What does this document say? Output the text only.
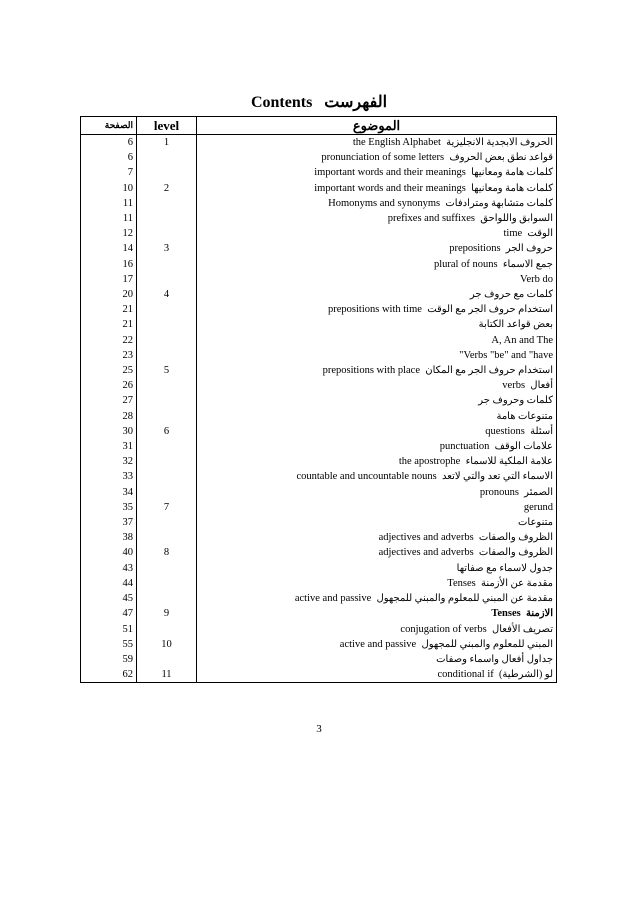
Contents الفهرست
الصفحة	level	الموضوع
6	1	الحروف الابجدية الانجليزية  the English Alphabet
6		قواعد نطق بعض الحروف  pronunciation of some letters
7		كلمات هامة ومعانيها  important words and their meanings
10	2	كلمات هامة ومعانيها  important words and their meanings
11		كلمات متشابهة ومترادفات  Homonyms and synonyms
11		السوابق واللواحق  prefixes and suffixes
12		الوقت  time
14	3	حروف الجر  prepositions
16		جمع الاسماء  plural of nouns
17		Verb do
20	4	كلمات مع حروف جر
21		استخدام حروف الجر مع الوقت  prepositions with time
21		بعض قواعد الكتابة
22		A, An and The
23		"Verbs "be" and "have
25	5	استخدام حروف الجر مع المكان  prepositions with place
26		أفعال  verbs
27		كلمات وحروف جر
28		متنوعات هامة
30	6	أسئلة  questions
31		علامات الوقف  punctuation
32		علامة الملكية للاسماء  the apostrophe
33		الاسماء التي تعد والتي لاتعد  countable and uncountable nouns
34		الصمئر  pronouns
35	7	gerund
37		متنوعات
38		الظروف والصفات  adjectives and adverbs
40	8	الظروف والصفات  adjectives and adverbs
43		جدول لاسماء مع صفاتها
44		مقدمة عن الأزمنة  Tenses
45		مقدمة عن المبني للمعلوم والمبني للمجهول  active and passive
47	9	الازمنة  Tenses
51		تصريف الأفعال  conjugation of verbs
55	10	المبني للمعلوم والمبني للمجهول  active and passive
59		جداول أفعال واسماء وصفات
62	11	لو (الشرطية)  conditional if
3
